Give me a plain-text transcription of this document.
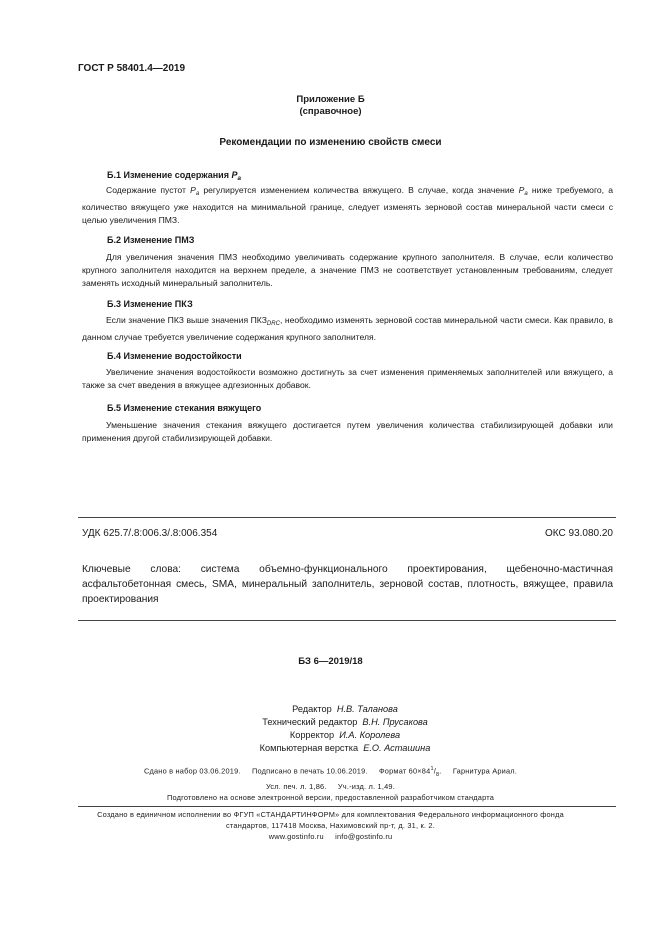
ГОСТ Р 58401.4—2019
Приложение Б
(справочное)
Рекомендации по изменению свойств смеси
Б.1 Изменение содержания $P_a$
Содержание пустот $P_a$ регулируется изменением количества вяжущего. В случае, когда значение $P_a$ ниже требуемого, а количество вяжущего уже находится на минимальной границе, следует изменять зерновой состав минеральной части смеси с целью увеличения ПМЗ.
Б.2 Изменение ПМЗ
Для увеличения значения ПМЗ необходимо увеличивать содержание крупного заполнителя. В случае, если количество крупного заполнителя находится на верхнем пределе, а значение ПМЗ не соответствует установленным требованиям, следует заменять исходный минеральный заполнитель.
Б.3 Изменение ПКЗ
Если значение ПКЗ выше значения $ПКЗ_{DRC}$, необходимо изменять зерновой состав минеральной части смеси. Как правило, в данном случае требуется увеличение содержания крупного заполнителя.
Б.4 Изменение водостойкости
Увеличение значения водостойкости возможно достигнуть за счет изменения применяемых заполнителей или вяжущего, а также за счет введения в вяжущее адгезионных добавок.
Б.5 Изменение стекания вяжущего
Уменьшение значения стекания вяжущего достигается путем увеличения количества стабилизирующей добавки или применения другой стабилизирующей добавки.
УДК 625.7/.8:006.3/.8:006.354	ОКС 93.080.20
Ключевые слова: система объемно-функционального проектирования, щебеночно-мастичная асфальтобетонная смесь, SMA, минеральный заполнитель, зерновой состав, плотность, вяжущее, правила проектирования
БЗ 6—2019/18
Редактор Н.В. Таланова
Технический редактор В.Н. Прусакова
Корректор И.А. Королева
Компьютерная верстка Е.О. Асташина
Сдано в набор 03.06.2019. Подписано в печать 10.06.2019. Формат $60\times 84^1/_8$. Гарнитура Ариал.
Усл. печ. л. 1,86. Уч.-изд. л. 1,49.
Подготовлено на основе электронной версии, предоставленной разработчиком стандарта
Создано в единичном исполнении во ФГУП «СТАНДАРТИНФОРМ» для комплектования Федерального информационного фонда
стандартов, 117418 Москва, Нахимовский пр-т, д. 31, к. 2.
www.gostinfo.ru info@gostinfo.ru
